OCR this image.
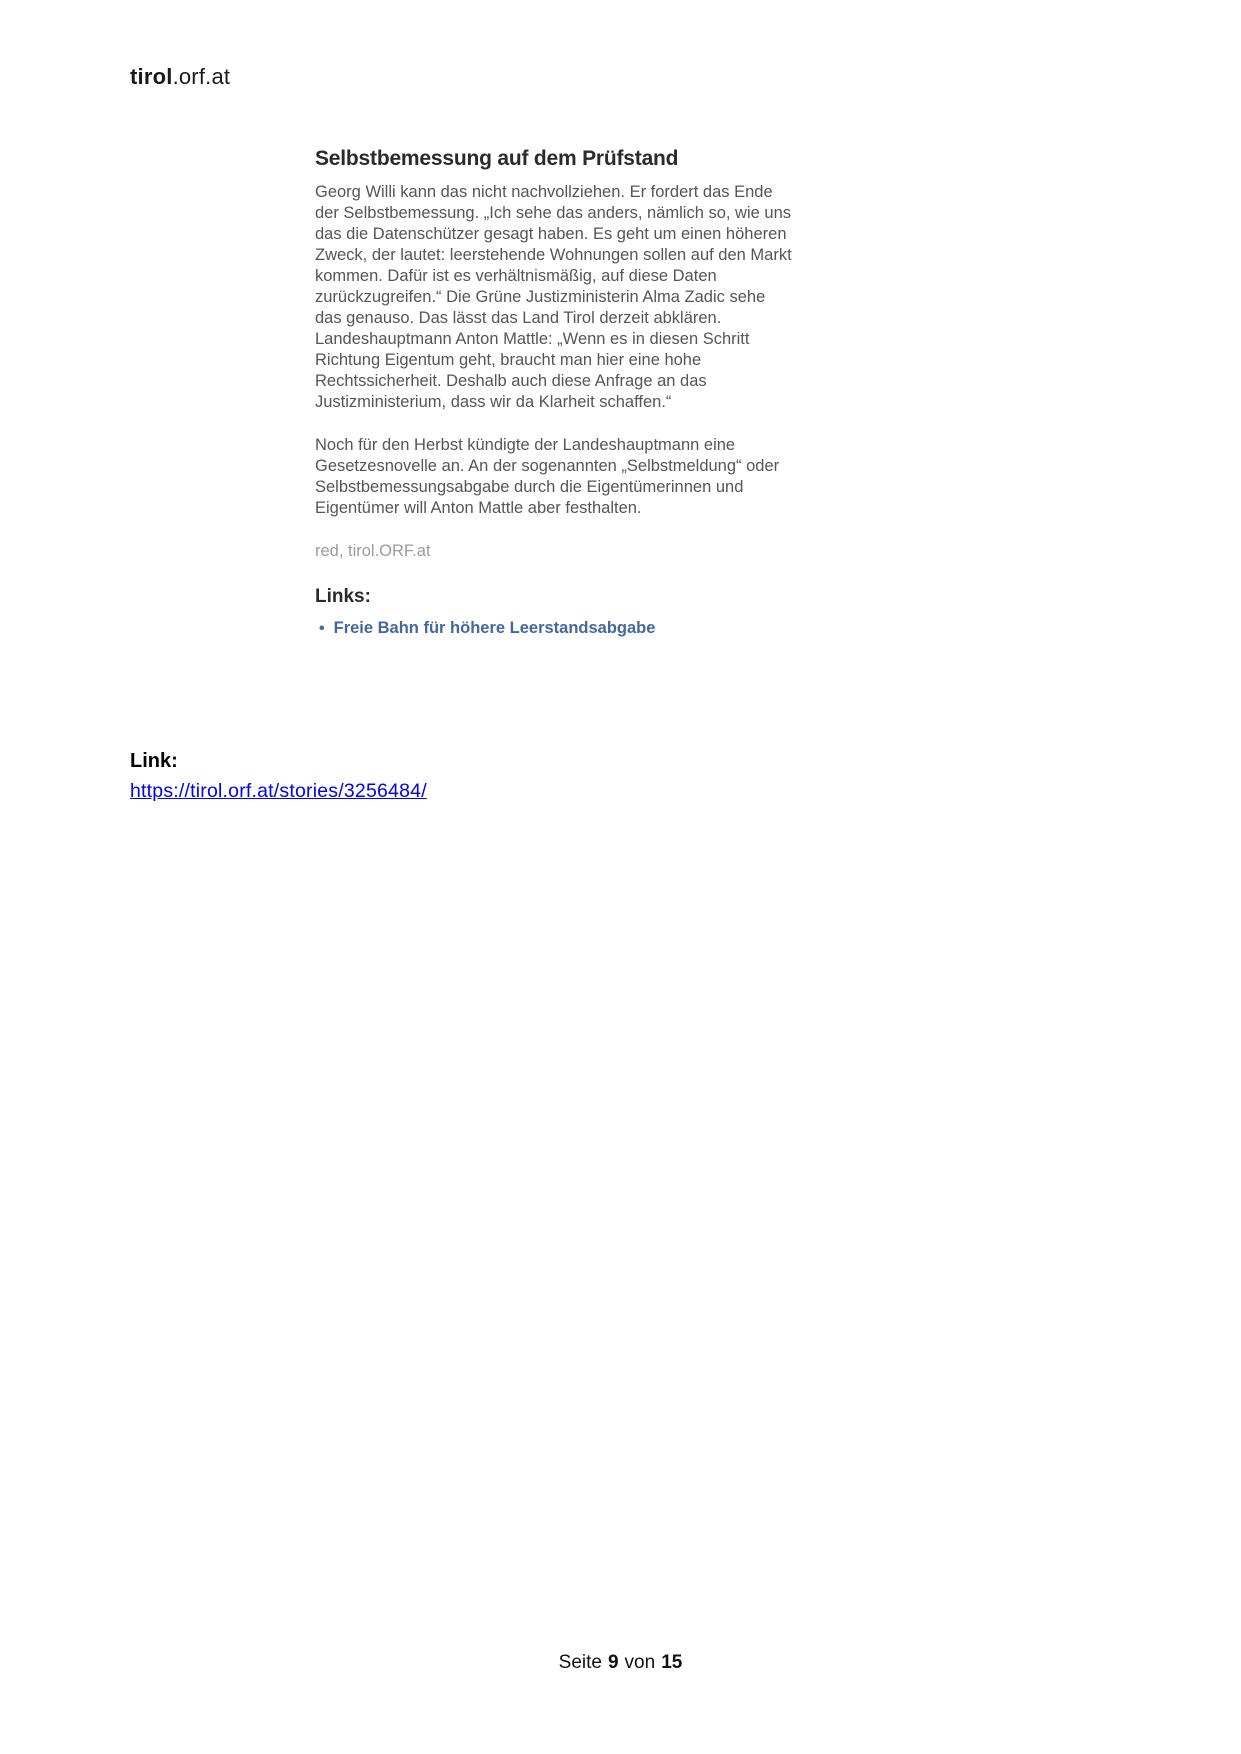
tirol.orf.at
Selbstbemessung auf dem Prüfstand

Georg Willi kann das nicht nachvollziehen. Er fordert das Ende der Selbstbemessung. „Ich sehe das anders, nämlich so, wie uns das die Datenschützer gesagt haben. Es geht um einen höheren Zweck, der lautet: leerstehende Wohnungen sollen auf den Markt kommen. Dafür ist es verhältnismäßig, auf diese Daten zurückzugreifen.“ Die Grüne Justizministerin Alma Zadic sehe das genauso. Das lässt das Land Tirol derzeit abklären. Landeshauptmann Anton Mattle: „Wenn es in diesen Schritt Richtung Eigentum geht, braucht man hier eine hohe Rechtssicherheit. Deshalb auch diese Anfrage an das Justizministerium, dass wir da Klarheit schaffen.“

Noch für den Herbst kündigte der Landeshauptmann eine Gesetzesnovelle an. An der sogenannten „Selbstmeldung“ oder Selbstbemessungsabgabe durch die Eigentümerinnen und Eigentümer will Anton Mattle aber festhalten.

red, tirol.ORF.at
Links:
• Freie Bahn für höhere Leerstandsabgabe
Link:
https://tirol.orf.at/stories/3256484/
Seite 9 von 15
